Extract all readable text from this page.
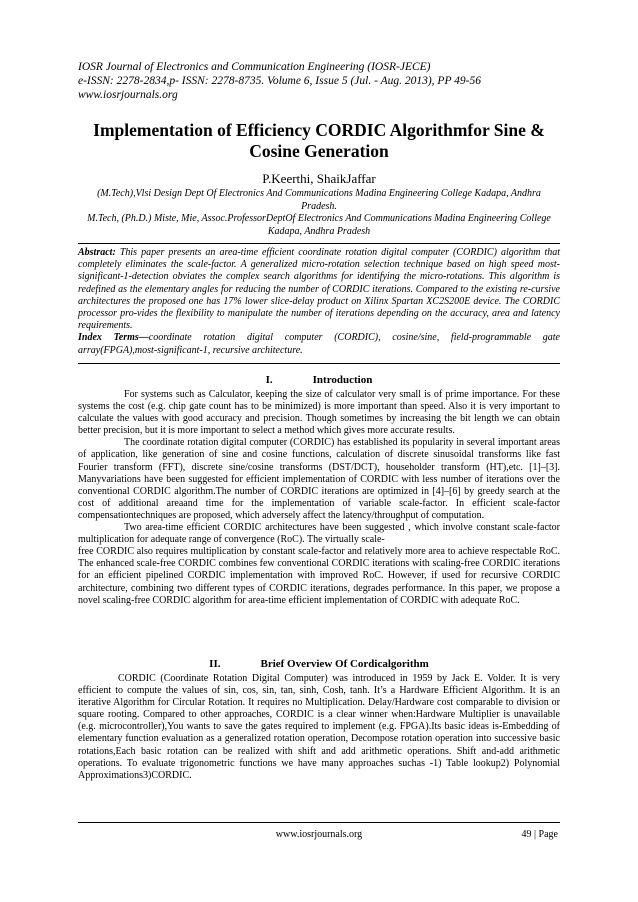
IOSR Journal of Electronics and Communication Engineering (IOSR-JECE)
e-ISSN: 2278-2834,p- ISSN: 2278-8735. Volume 6, Issue 5 (Jul. - Aug. 2013), PP 49-56
www.iosrjournals.org
Implementation of Efficiency CORDIC Algorithmfor Sine & Cosine Generation
P.Keerthi, ShaikJaffar

(M.Tech),Vlsi Design Dept Of Electronics And Communications Madina Engineering College Kadapa, Andhra Pradesh.

M.Tech, (Ph.D.) Miste, Mie, Assoc.ProfessorDeptOf Electronics And Communications Madina Engineering College Kadapa, Andhra Pradesh

Abstract: This paper presents an area-time efficient coordinate rotation digital computer (CORDIC) algorithm that completely eliminates the scale-factor. A generalized micro-rotation selection technique based on high speed most-significant-1-detection obviates the complex search algorithms for identifying the micro-rotations. This algorithm is redefined as the elementary angles for reducing the number of CORDIC iterations. Compared to the existing re-cursive architectures the proposed one has 17% lower slice-delay product on Xilinx Spartan XC2S200E device. The CORDIC processor pro-vides the flexibility to manipulate the number of iterations depending on the accuracy, area and latency requirements.

Index Terms—coordinate rotation digital computer (CORDIC), cosine/sine, field-programmable gate array(FPGA),most-significant-1, recursive architecture.

I.	Introduction

For systems such as Calculator, keeping the size of calculator very small is of prime importance. For these systems the cost (e.g. chip gate count has to be minimized) is more important than speed. Also it is very important to calculate the values with good accuracy and precision. Though sometimes by increasing the bit length we can obtain better precision, but it is more important to select a method which gives more accurate results.

The coordinate rotation digital computer (CORDIC) has established its popularity in several important areas of application, like generation of sine and cosine functions, calculation of discrete sinusoidal transforms like fast Fourier transform (FFT), discrete sine/cosine transforms (DST/DCT), householder transform (HT),etc. [1]–[3]. Manyvariations have been suggested for efficient implementation of CORDIC with less number of iterations over the conventional CORDIC algorithm.The number of CORDIC iterations are optimized in [4]–[6] by greedy search at the cost of additional areaand time for the implementation of variable scale-factor. In efficient scale-factor compensationtechniques are proposed, which adversely affect the latency/throughput of computation.

Two area-time efficient CORDIC architectures have been suggested , which involve constant scale-factor multiplication for adequate range of convergence (RoC). The virtually scale-

free CORDIC also requires multiplication by constant scale-factor and relatively more area to achieve respectable RoC. The enhanced scale-free CORDIC combines few conventional CORDIC iterations with scaling-free CORDIC iterations for an efficient pipelined CORDIC implementation with improved RoC. However, if used for recursive CORDIC architecture, combining two different types of CORDIC iterations, degrades performance. In this paper, we propose a novel scaling-free CORDIC algorithm for area-time efficient implementation of CORDIC with adequate RoC.

II.	Brief Overview Of Cordicalgorithm

CORDIC (Coordinate Rotation Digital Computer) was introduced in 1959 by Jack E. Volder. It is very efficient to compute the values of sin, cos, sin, tan, sinh, Cosh, tanh. It’s a Hardware Efficient Algorithm. It is an iterative Algorithm for Circular Rotation. It requires no Multiplication. Delay/Hardware cost comparable to division or square rooting. Compared to other approaches, CORDIC is a clear winner when:Hardware Multiplier is unavailable (e.g. microcontroller),You wants to save the gates required to implement (e.g. FPGA).Its basic ideas is-Embedding of elementary function evaluation as a generalized rotation operation, Decompose rotation operation into successive basic rotations,Each basic rotation can be realized with shift and add arithmetic operations. Shift and-add arithmetic operations. To evaluate trigonometric functions we have many approaches suchas -1) Table lookup2) Polynomial Approximations3)CORDIC.

www.iosrjournals.org	49 | Page
